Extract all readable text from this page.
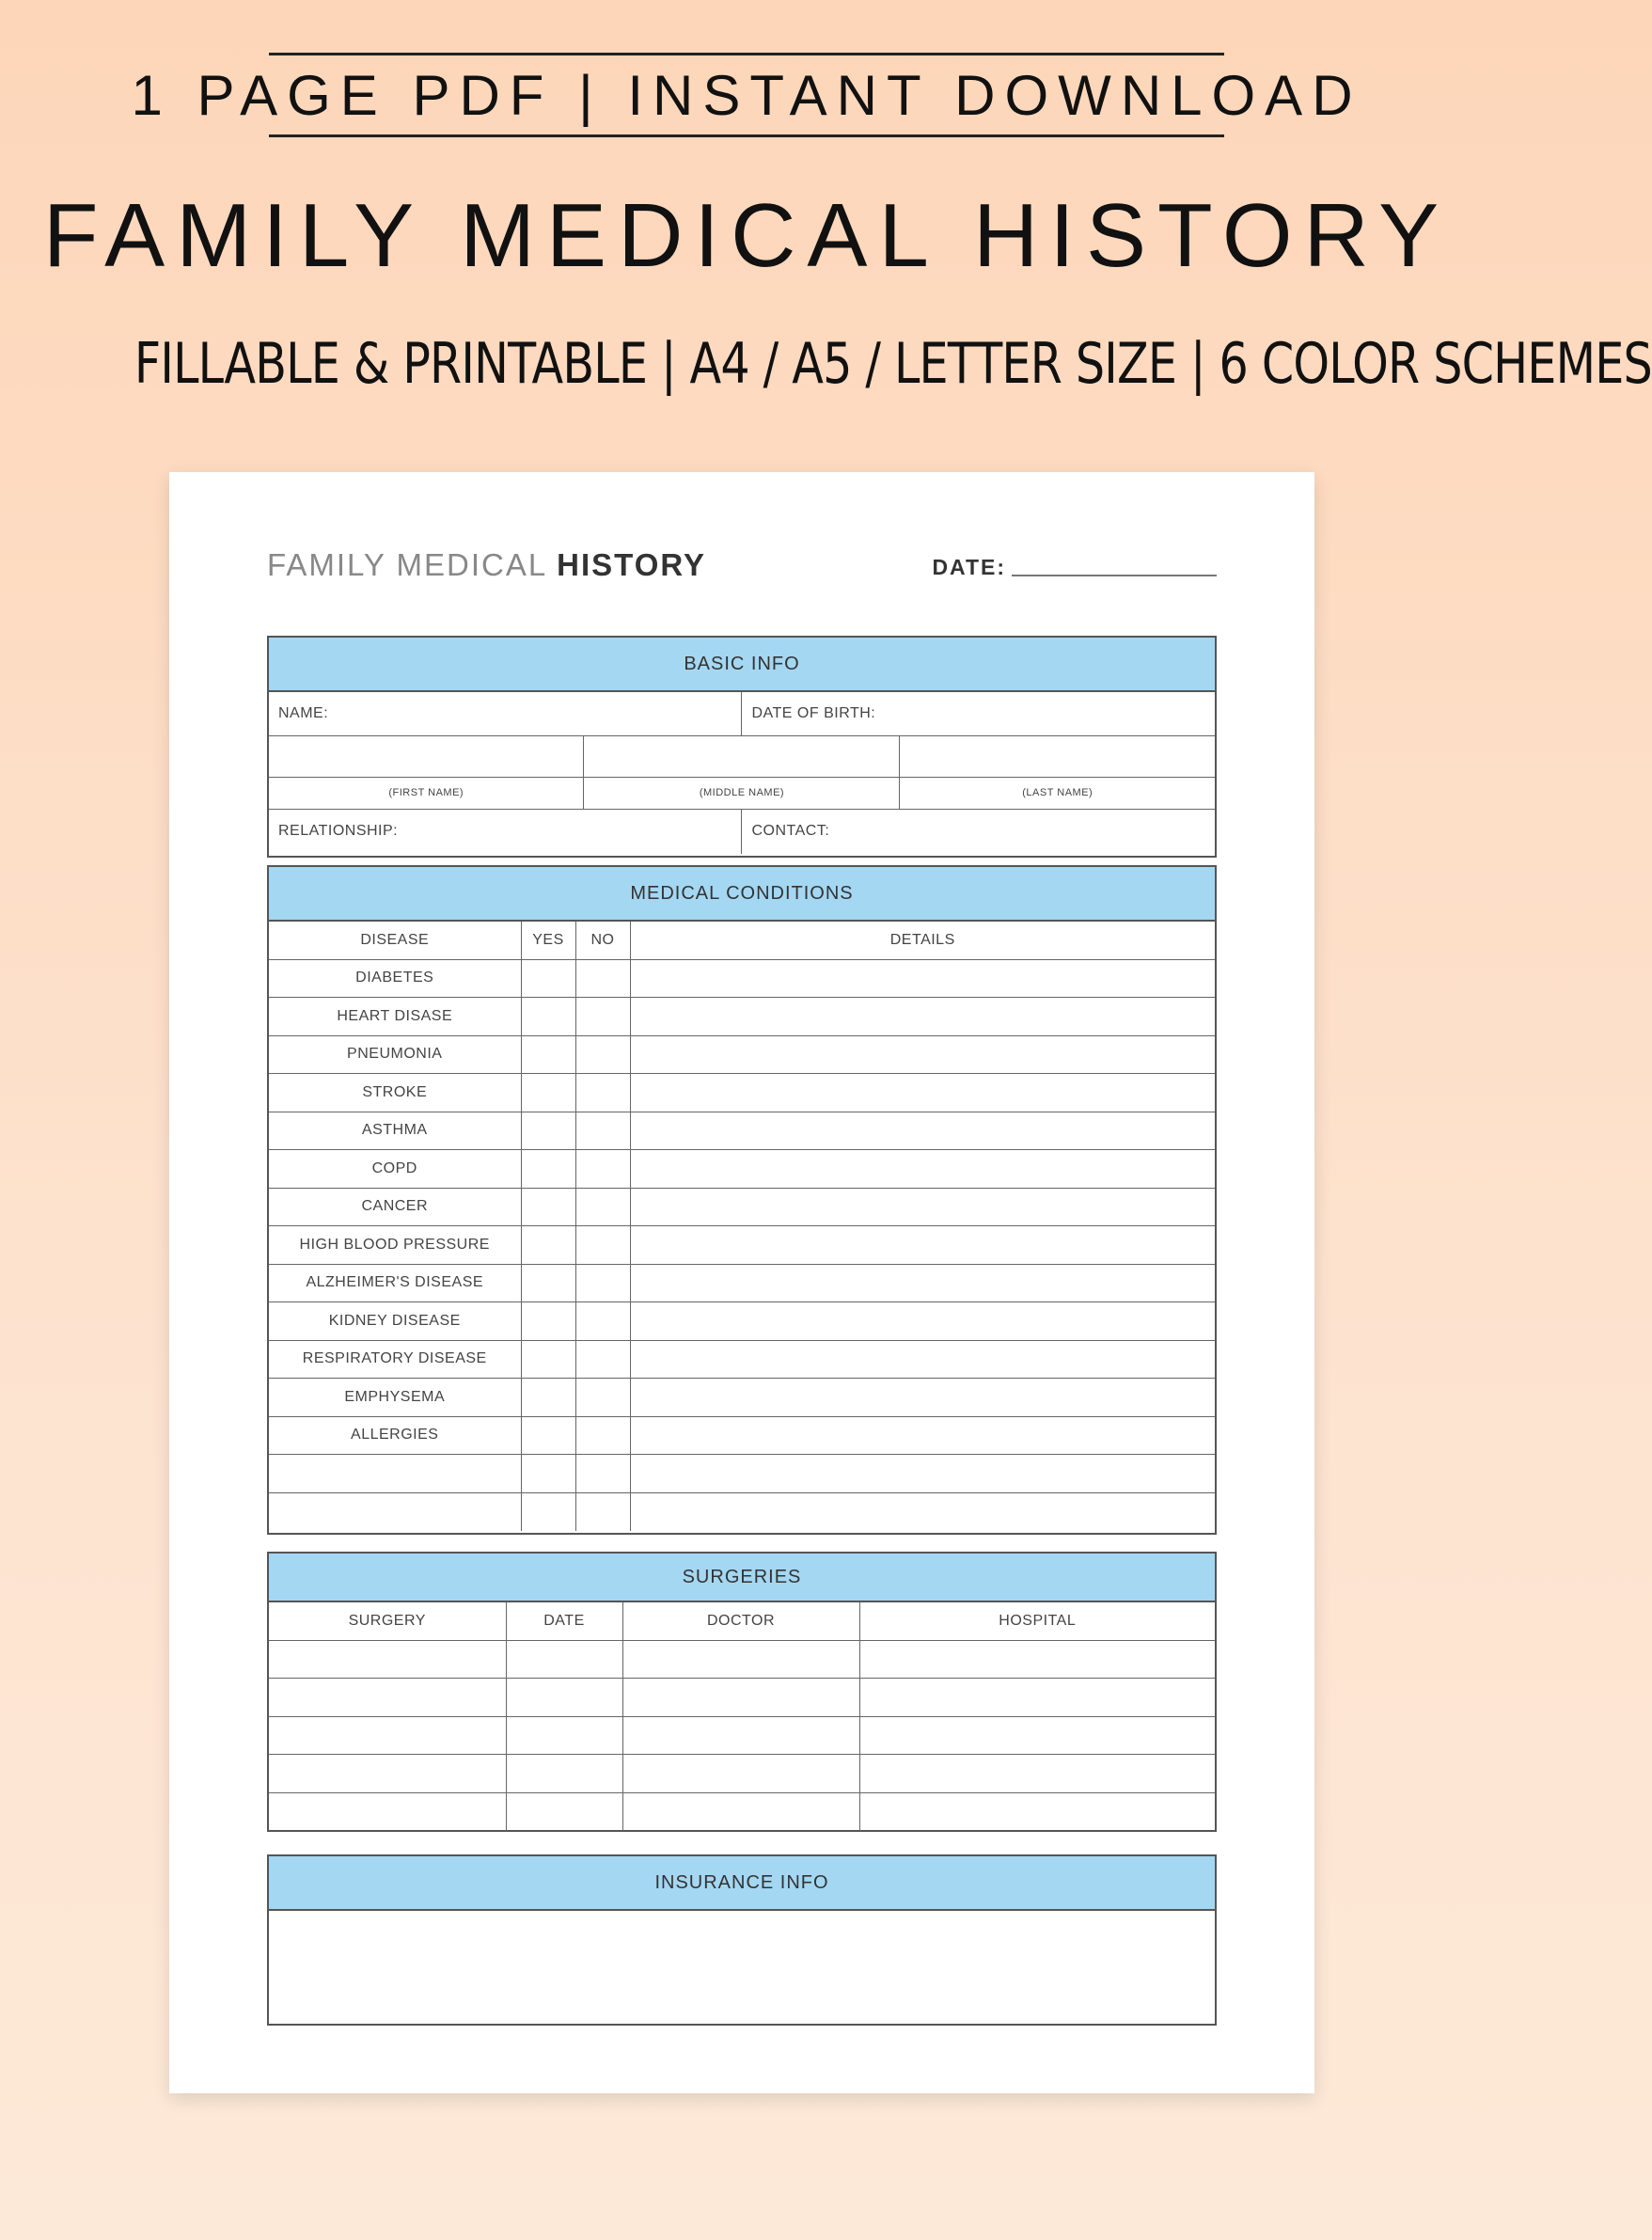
1 PAGE PDF | INSTANT DOWNLOAD
FAMILY MEDICAL HISTORY
FILLABLE & PRINTABLE | A4 / A5 / LETTER SIZE | 6 COLOR SCHEMES
FAMILY MEDICAL HISTORY	DATE:
BASIC INFO
NAME:		DATE OF BIRTH:	

(FIRST NAME)	(MIDDLE NAME)		(LAST NAME)
RELATIONSHIP:		CONTACT:	
MEDICAL CONDITIONS
DISEASE	YES	NO	DETAILS
DIABETES			
HEART DISASE			
PNEUMONIA			
STROKE			
ASTHMA			
COPD			
CANCER			
HIGH BLOOD PRESSURE			
ALZHEIMER'S DISEASE			
KIDNEY DISEASE			
RESPIRATORY DISEASE			
EMPHYSEMA			
ALLERGIES			

SURGERIES
SURGERY	DATE	DOCTOR	HOSPITAL

INSURANCE INFO
